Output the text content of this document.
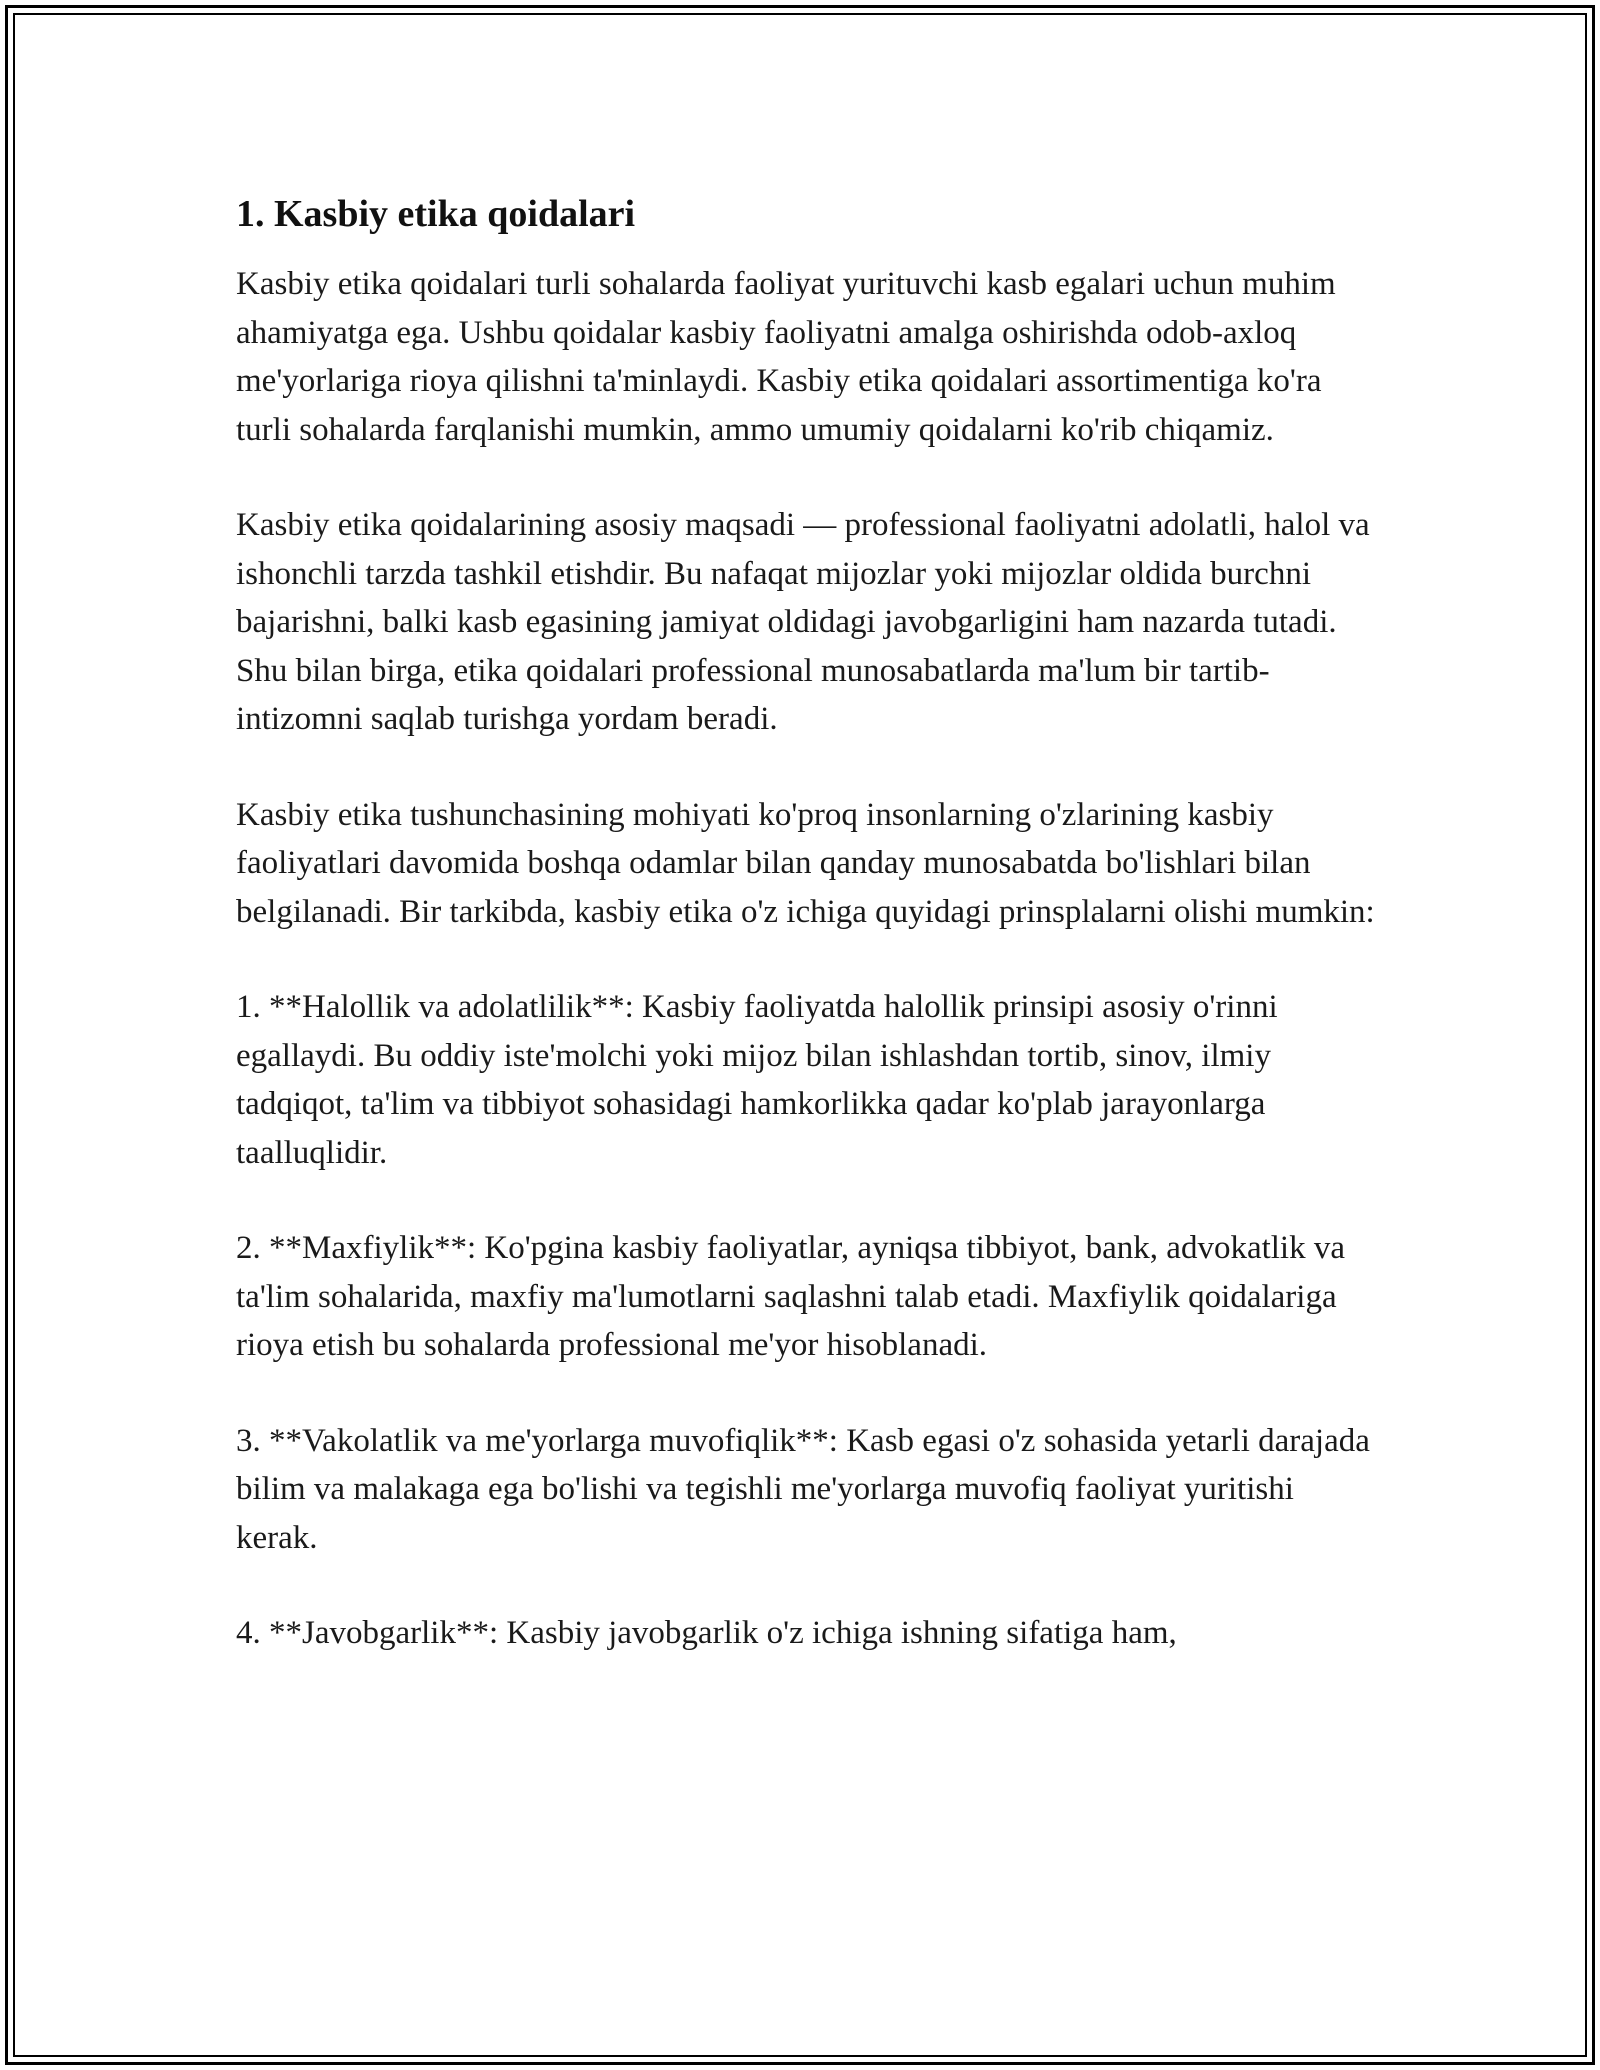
1. Kasbiy etika qoidalari

Kasbiy etika qoidalari turli sohalarda faoliyat yurituvchi kasb egalari uchun muhim ahamiyatga ega. Ushbu qoidalar kasbiy faoliyatni amalga oshirishda odob-axloq me'yorlariga rioya qilishni ta'minlaydi. Kasbiy etika qoidalari assortimentiga ko'ra turli sohalarda farqlanishi mumkin, ammo umumiy qoidalarni ko'rib chiqamiz.

Kasbiy etika qoidalarining asosiy maqsadi — professional faoliyatni adolatli, halol va ishonchli tarzda tashkil etishdir. Bu nafaqat mijozlar yoki mijozlar oldida burchni bajarishni, balki kasb egasining jamiyat oldidagi javobgarligini ham nazarda tutadi. Shu bilan birga, etika qoidalari professional munosabatlarda ma'lum bir tartib-intizomni saqlab turishga yordam beradi.

Kasbiy etika tushunchasining mohiyati ko'proq insonlarning o'zlarining kasbiy faoliyatlari davomida boshqa odamlar bilan qanday munosabatda bo'lishlari bilan belgilanadi. Bir tarkibda, kasbiy etika o'z ichiga quyidagi prinsplalarni olishi mumkin:

1. **Halollik va adolatlilik**: Kasbiy faoliyatda halollik prinsipi asosiy o'rinni egallaydi. Bu oddiy iste'molchi yoki mijoz bilan ishlashdan tortib, sinov, ilmiy tadqiqot, ta'lim va tibbiyot sohasidagi hamkorlikka qadar ko'plab jarayonlarga taalluqlidir.

2. **Maxfiylik**: Ko'pgina kasbiy faoliyatlar, ayniqsa tibbiyot, bank, advokatlik va ta'lim sohalarida, maxfiy ma'lumotlarni saqlashni talab etadi. Maxfiylik qoidalariga rioya etish bu sohalarda professional me'yor hisoblanadi.

3. **Vakolatlik va me'yorlarga muvofiqlik**: Kasb egasi o'z sohasida yetarli darajada bilim va malakaga ega bo'lishi va tegishli me'yorlarga muvofiq faoliyat yuritishi kerak.

4. **Javobgarlik**: Kasbiy javobgarlik o'z ichiga ishning sifatiga ham,
